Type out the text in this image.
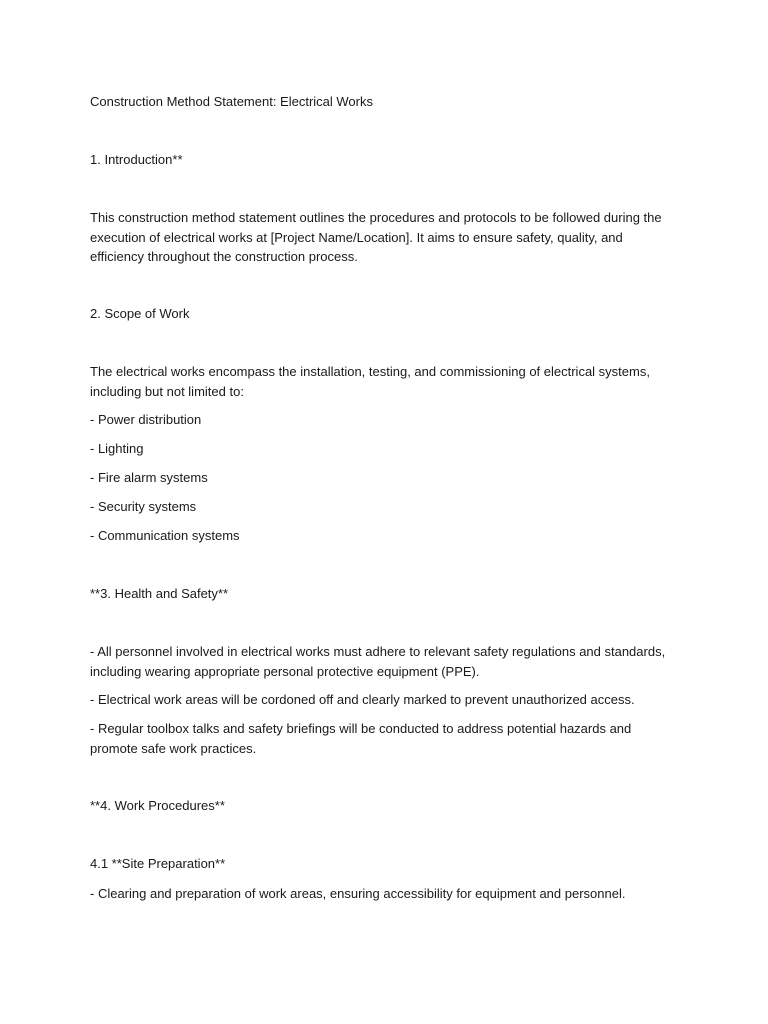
Construction Method Statement: Electrical Works
1. Introduction**
This construction method statement outlines the procedures and protocols to be followed during the execution of electrical works at [Project Name/Location]. It aims to ensure safety, quality, and efficiency throughout the construction process.
2. Scope of Work
The electrical works encompass the installation, testing, and commissioning of electrical systems, including but not limited to:
- Power distribution
- Lighting
- Fire alarm systems
- Security systems
- Communication systems
**3. Health and Safety**
- All personnel involved in electrical works must adhere to relevant safety regulations and standards, including wearing appropriate personal protective equipment (PPE).
- Electrical work areas will be cordoned off and clearly marked to prevent unauthorized access.
- Regular toolbox talks and safety briefings will be conducted to address potential hazards and promote safe work practices.
**4. Work Procedures**
4.1 **Site Preparation**
- Clearing and preparation of work areas, ensuring accessibility for equipment and personnel.
